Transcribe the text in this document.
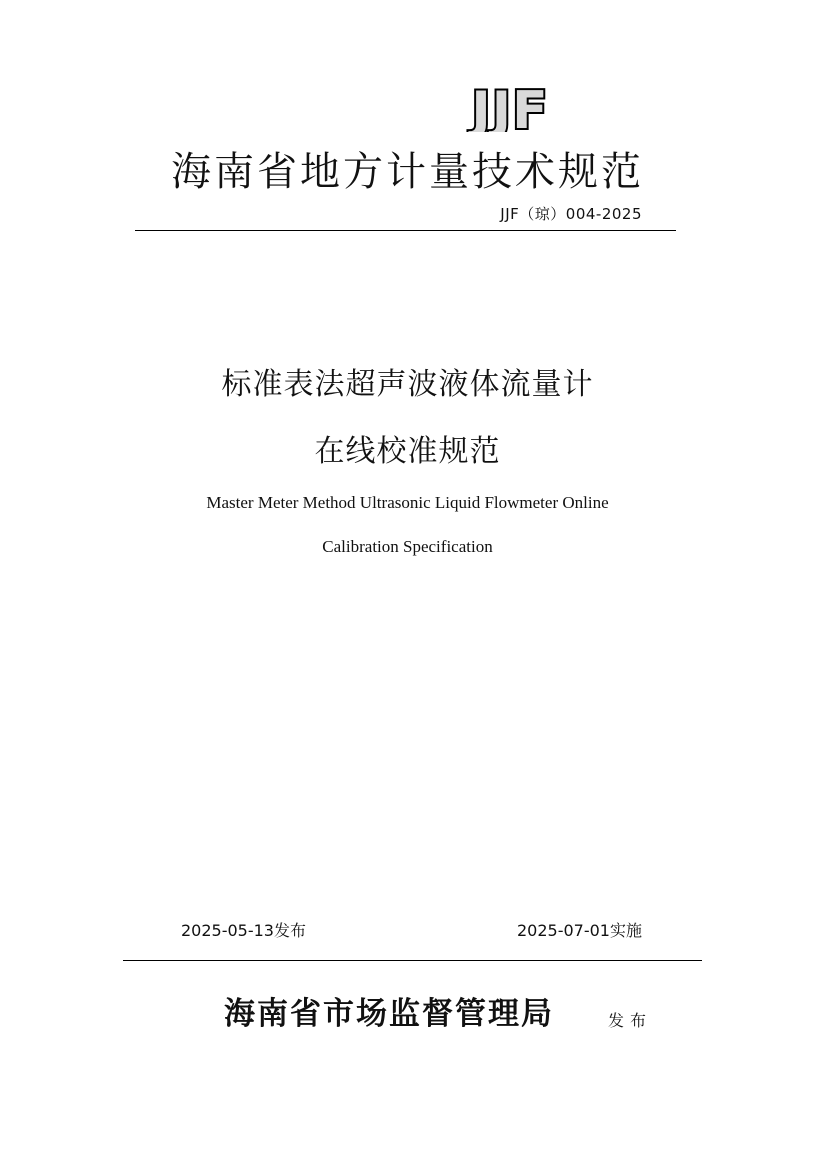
JJF
海南省地方计量技术规范
JJF（琼）004-2025
标准表法超声波液体流量计
在线校准规范
Master Meter Method Ultrasonic Liquid Flowmeter Online
Calibration Specification
2025-05-13发布	2025-07-01实施
海南省市场监督管理局	发布
